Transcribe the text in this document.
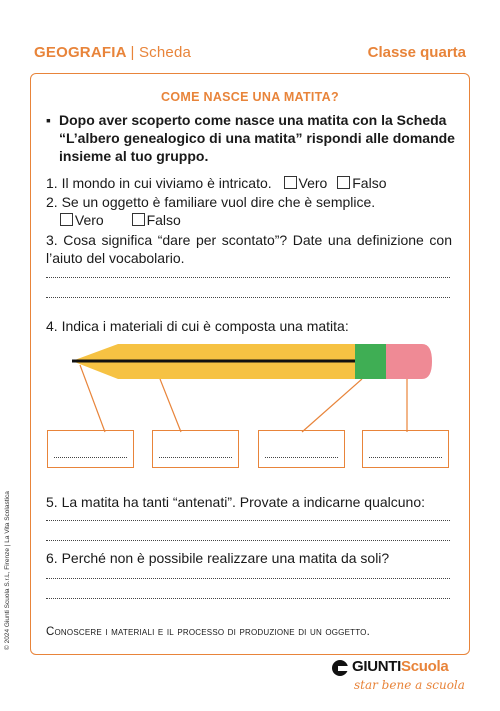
GEOGRAFIA | Scheda	Classe quarta
COME NASCE UNA MATITA?
▪ Dopo aver scoperto come nasce una matita con la Scheda “L’albero genealogico di una matita” rispondi alle domande insieme al tuo gruppo.
1. Il mondo in cui viviamo è intricato. Vero Falso
2. Se un oggetto è familiare vuol dire che è semplice.
Vero	Falso
3. Cosa significa “dare per scontato”? Date una definizione con l’aiuto del vocabolario.
4. Indica i materiali di cui è composta una matita:
5. La matita ha tanti “antenati”. Provate a indicarne qualcuno:
6. Perché non è possibile realizzare una matita da soli?
Conoscere i materiali e il processo di produzione di un oggetto.
© 2024 Giunti Scuola S.r.L, Firenze | La Vita Scolastica
GIUNTIScuola
star bene a scuola
